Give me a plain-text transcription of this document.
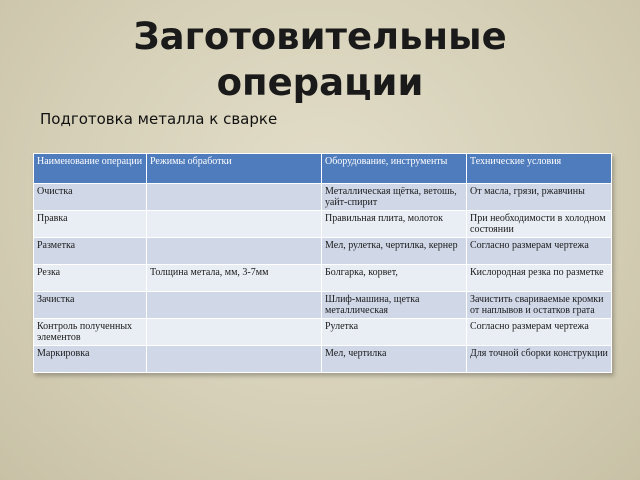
Заготовительные
операции

Подготовка металла к сварке

Наименование операции	Режимы обработки	Оборудование, инструменты	Технические условия
Очистка		Металлическая щётка, ветошь, уайт-спирит	От масла, грязи, ржавчины
Правка		Правильная плита, молоток	При необходимости в холодном состоянии
Разметка		Мел, рулетка, чертилка, кернер	Согласно размерам чертежа
Резка	Толщина метала, мм, 3-7мм	Болгарка, корвет,	Кислородная резка по разметке
Зачистка		Шлиф-машина, щетка металлическая	Зачистить свариваемые кромки от наплывов и остатков грата
Контроль полученных элементов		Рулетка	Согласно размерам чертежа
Маркировка		Мел, чертилка	Для точной сборки конструкции
